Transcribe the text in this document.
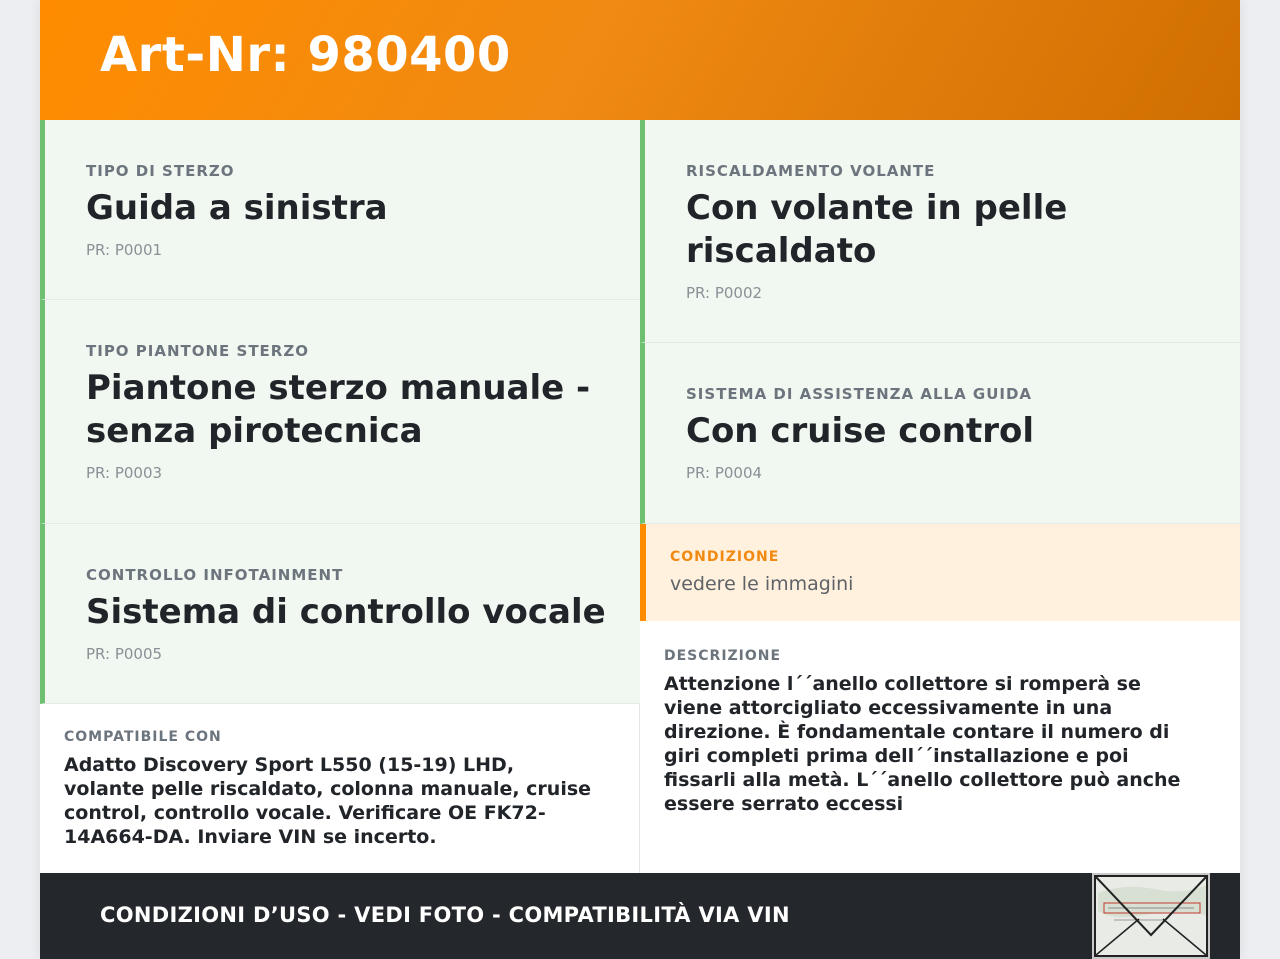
Art-Nr: 980400
TIPO DI STERZO
Guida a sinistra
PR: P0001
TIPO PIANTONE STERZO
Piantone sterzo manuale - senza pirotecnica
PR: P0003
CONTROLLO INFOTAINMENT
Sistema di controllo vocale
PR: P0005
RISCALDAMENTO VOLANTE
Con volante in pelle riscaldato
PR: P0002
SISTEMA DI ASSISTENZA ALLA GUIDA
Con cruise control
PR: P0004
CONDIZIONE
vedere le immagini
COMPATIBILE CON
Adatto Discovery Sport L550 (15-19) LHD, volante pelle riscaldato, colonna manuale, cruise control, controllo vocale. Verificare OE FK72-14A664-DA. Inviare VIN se incerto.
DESCRIZIONE
Attenzione l´´anello collettore si romperà se viene attorcigliato eccessivamente in una direzione. È fondamentale contare il numero di giri completi prima dell´´installazione e poi fissarli alla metà. L´´anello collettore può anche essere serrato eccessi
CONDIZIONI D’USO - VEDI FOTO - COMPATIBILITÀ VIA VIN
